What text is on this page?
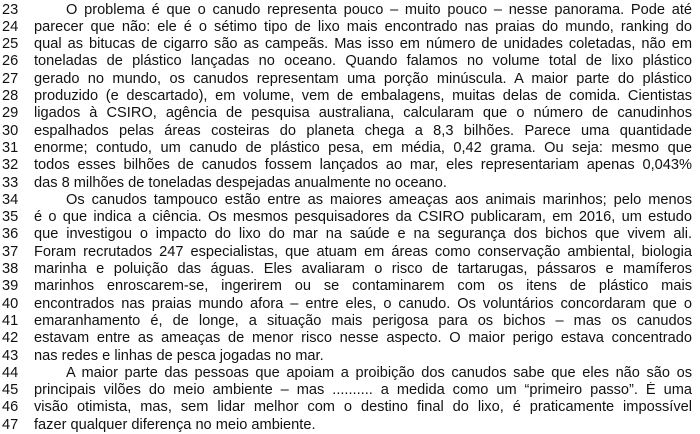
23	O problema é que o canudo representa pouco – muito pouco – nesse panorama. Pode até
24	parecer que não: ele é o sétimo tipo de lixo mais encontrado nas praias do mundo, ranking do
25	qual as bitucas de cigarro são as campeãs. Mas isso em número de unidades coletadas, não em
26	toneladas de plástico lançadas no oceano. Quando falamos no volume total de lixo plástico
27	gerado no mundo, os canudos representam uma porção minúscula. A maior parte do plástico
28	produzido (e descartado), em volume, vem de embalagens, muitas delas de comida. Cientistas
29	ligados à CSIRO, agência de pesquisa australiana, calcularam que o número de canudinhos
30	espalhados pelas áreas costeiras do planeta chega a 8,3 bilhões. Parece uma quantidade
31	enorme; contudo, um canudo de plástico pesa, em média, 0,42 grama. Ou seja: mesmo que
32	todos esses bilhões de canudos fossem lançados ao mar, eles representariam apenas 0,043%
33	das 8 milhões de toneladas despejadas anualmente no oceano.
34	Os canudos tampouco estão entre as maiores ameaças aos animais marinhos; pelo menos
35	é o que indica a ciência. Os mesmos pesquisadores da CSIRO publicaram, em 2016, um estudo
36	que investigou o impacto do lixo do mar na saúde e na segurança dos bichos que vivem ali.
37	Foram recrutados 247 especialistas, que atuam em áreas como conservação ambiental, biologia
38	marinha e poluição das águas. Eles avaliaram o risco de tartarugas, pássaros e mamíferos
39	marinhos enroscarem-se, ingerirem ou se contaminarem com os itens de plástico mais
40	encontrados nas praias mundo afora – entre eles, o canudo. Os voluntários concordaram que o
41	emaranhamento é, de longe, a situação mais perigosa para os bichos – mas os canudos
42	estavam entre as ameaças de menor risco nesse aspecto. O maior perigo estava concentrado
43	nas redes e linhas de pesca jogadas no mar.
44	A maior parte das pessoas que apoiam a proibição dos canudos sabe que eles não são os
45	principais vilões do meio ambiente – mas .......... a medida como um “primeiro passo”. É uma
46	visão otimista, mas, sem lidar melhor com o destino final do lixo, é praticamente impossível
47	fazer qualquer diferença no meio ambiente.
